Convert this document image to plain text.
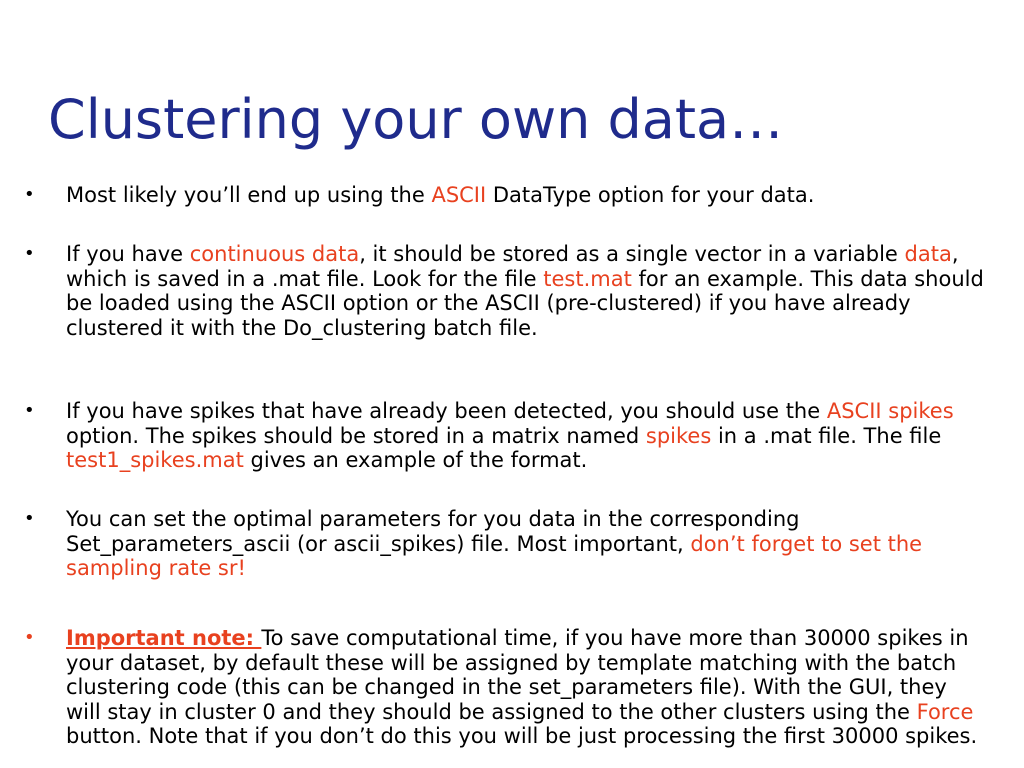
Clustering your own data…
•	Most likely you’ll end up using the ASCII DataType option for your data.
•	If you have continuous data, it should be stored as a single vector in a variable data, which is saved in a .mat file. Look for the file test.mat for an example. This data should be loaded using the ASCII option or the ASCII (pre-clustered) if you have already clustered it with the Do_clustering batch file.
•	If you have spikes that have already been detected, you should use the ASCII spikes option. The spikes should be stored in a matrix named spikes in a .mat file. The file test1_spikes.mat gives an example of the format.
•	You can set the optimal parameters for you data in the corresponding Set_parameters_ascii (or ascii_spikes) file. Most important, don’t forget to set the sampling rate sr!
•	Important note: To save computational time, if you have more than 30000 spikes in your dataset, by default these will be assigned by template matching with the batch clustering code (this can be changed in the set_parameters file). With the GUI, they will stay in cluster 0 and they should be assigned to the other clusters using the Force button. Note that if you don’t do this you will be just processing the first 30000 spikes.
